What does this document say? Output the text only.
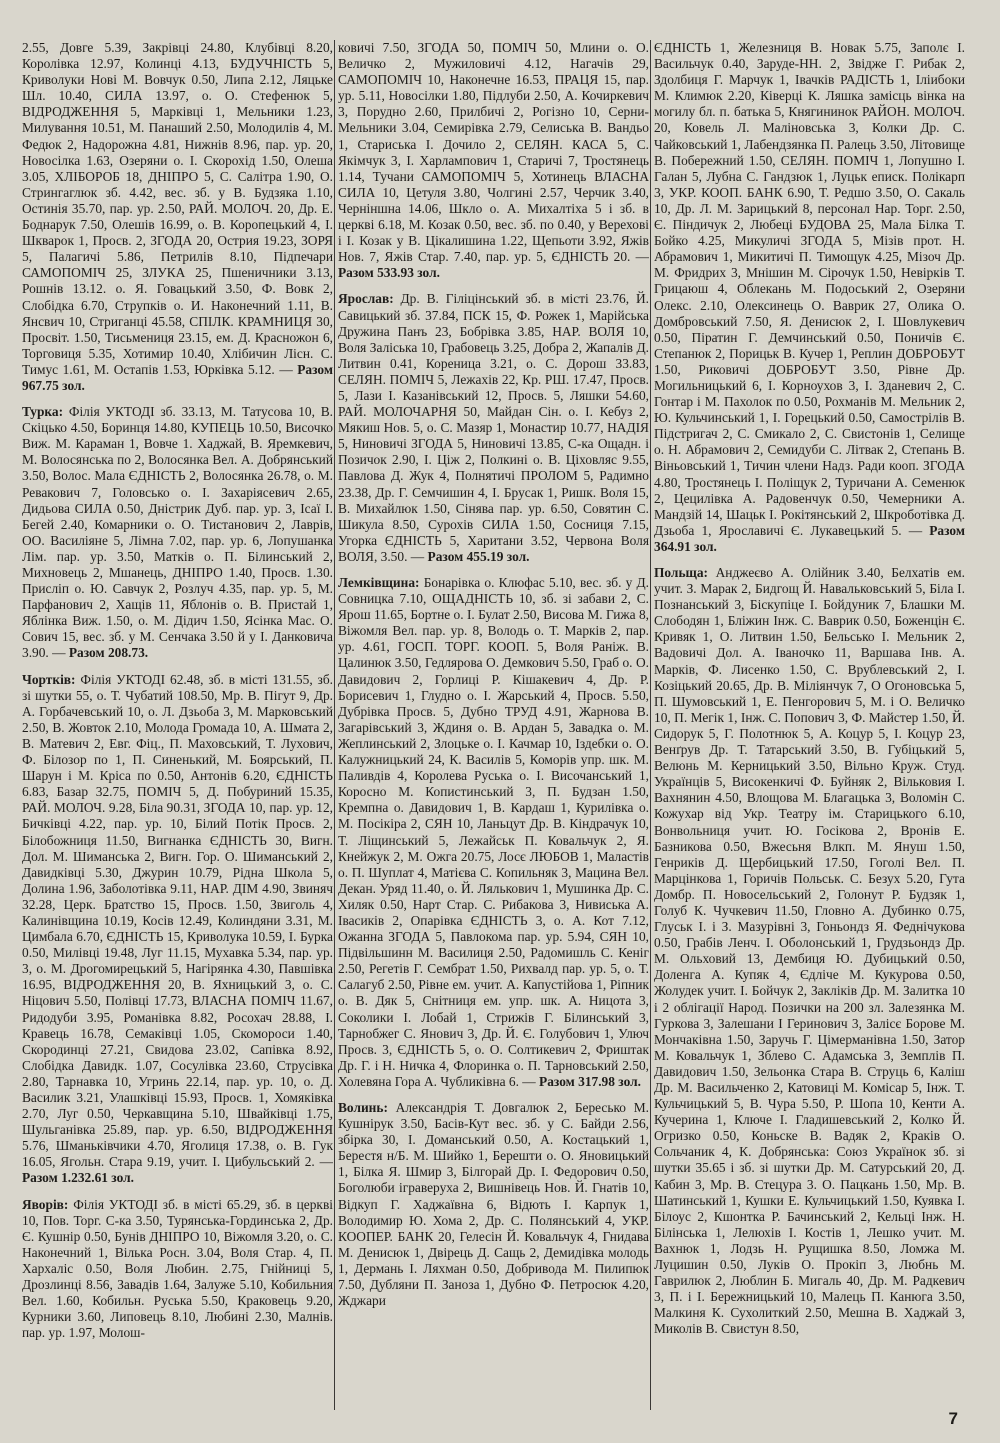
2.55, Довге 5.39, Закрівці 24.80, Клубівці 8.20, Королівка 12.97, Колинці 4.13, БУДУЧНІСТЬ 5, Криволуки Нові М. Вовчук 0.50, Липа 2.12, Ляцьке Шл. 10.40, СИЛА 13.97, о. О. Стефенюк 5, ВІДРОДЖЕННЯ 5, Марківці 1, Мельники 1.23, Милування 10.51, М. Панаший 2.50, Молодилів 4, М. Федюк 2, Надорожна 4.81, Нижнів 8.96, пар. ур. 20, Новосілка 1.63, Озеряни о. І. Скорохід 1.50, Олеша 3.05, ХЛІБОРОБ 18, ДНІПРО 5, С. Салітра 1.90, О. Стрингаглюк зб. 4.42, вес. зб. у В. Будзяка 1.10, Остинія 35.70, пар. ур. 2.50, РАЙ. МОЛОЧ. 20, Др. Е. Боднарук 7.50, Олешів 16.99, о. В. Коропецький 4, І. Шкварок 1, Просв. 2, ЗГОДА 20, Острия 19.23, ЗОРЯ 5, Палагичі 5.86, Петрилів 8.10, Підпечари САМОПОМІЧ 25, ЗЛУКА 25, Пшеничники 3.13, Рошнів 13.12. о. Я. Говацький 3.50, Ф. Вовк 2, Слобідка 6.70, Струпків о. И. Наконечний 1.11, В. Янсвич 10, Стриганці 45.58, СПІЛК. КРАМНИЦЯ 30, Просвіт. 1.50, Тисьмениця 23.15, ем. Д. Красножон 6, Торговиця 5.35, Хотимир 10.40, Хлібичин Лісн. С. Тимус 1.61, М. Остапів 1.53, Юрківка 5.12. — Разом 967.75 зол.

Турка: Філія УКТОДІ зб. 33.13, М. Татусова 10, В. Скіцько 4.50, Боринця 14.80, КУПЕЦЬ 10.50, Височко Виж. М. Караман 1, Вовче 1. Хаджай, В. Яремкевич, М. Волосянська по 2, Волосянка Вел. А. Добрянський 3.50, Волос. Мала ЄДНІСТЬ 2, Волосянка 26.78, о. М. Ревакович 7, Головсько о. І. Захаріясевич 2.65, Дидьова СИЛА 0.50, Дністрик Дуб. пар. ур. 3, Ісаї І. Бегей 2.40, Комарники о. О. Тистанович 2, Лаврів, ОО. Василіяне 5, Лімна 7.02, пар. ур. 6, Лопушанка Лім. пар. ур. 3.50, Матків о. П. Білинський 2, Михновець 2, Мшанець, ДНІПРО 1.40, Просв. 1.30. Присліп о. Ю. Савчук 2, Розлуч 4.35, пар. ур. 5, М. Парфанович 2, Хащів 11, Яблонів о. В. Пристай 1, Яблінка Виж. 1.50, о. М. Дідич 1.50, Ясінка Мас. О. Сович 15, вес. зб. у М. Сенчака 3.50 й у І. Данковича 3.90. — Разом 208.73.

Чортків: Філія УКТОДІ 62.48, зб. в місті 131.55, зб. зі шутки 55, о. Т. Чубатий 108.50, Мр. В. Пігут 9, Др. А. Горбачевський 10, о. Л. Дзьоба 3, М. Марковський 2.50, В. Жовток 2.10, Молода Громада 10, А. Шмата 2, В. Матевич 2, Евг. Фіц., П. Маховський, Т. Лухович, Ф. Білозор по 1, П. Синенький, М. Боярський, П. Шарун і М. Кріса по 0.50, Антонів 6.20, ЄДНІСТЬ 6.83, Базар 32.75, ПОМІЧ 5, Д. Побуриний 15.35, РАЙ. МОЛОЧ. 9.28, Біла 90.31, ЗГОДА 10, пар. ур. 12, Бичківці 4.22, пар. ур. 10, Білий Потік Просв. 2, Білобожниця 11.50, Вигнанка ЄДНІСТЬ 30, Вигн. Дол. М. Шиманська 2, Вигн. Гор. О. Шиманський 2, Давидківці 5.30, Джурин 10.79, Рідна Школа 5, Долина 1.96, Заболотівка 9.11, НАР. ДІМ 4.90, Звиняч 32.28, Церк. Братство 15, Просв. 1.50, Звиголь 4, Калинівщина 10.19, Косів 12.49, Колиндяни 3.31, М. Цимбала 6.70, ЄДНІСТЬ 15, Криволука 10.59, І. Бурка 0.50, Милівці 19.48, Луг 11.15, Мухавка 5.34, пар. ур. 3, о. М. Дрогомирецький 5, Нагірянка 4.30, Павшівка 16.95, ВІДРОДЖЕННЯ 20, В. Яхницький 3, о. С. Ніцович 5.50, Полівці 17.73, ВЛАСНА ПОМІЧ 11.67, Ридодуби 3.95, Романівка 8.82, Росохач 28.88, І. Кравець 16.78, Семаківці 1.05, Скомороси 1.40, Скородинці 27.21, Свидова 23.02, Сапівка 8.92, Слобідка Давидк. 1.07, Сосулівка 23.60, Струсівка 2.80, Тарнавка 10, Угринь 22.14, пар. ур. 10, о. Д. Василик 3.21, Улашківці 15.93, Просв. 1, Хомяківка 2.70, Луг 0.50, Черкавщина 5.10, Швайківці 1.75, Шульганівка 25.89, пар. ур. 6.50, ВІДРОДЖЕННЯ 5.76, Шманьківчики 4.70, Яголиця 17.38, о. В. Гук 16.05, Ягольн. Стара 9.19, учит. І. Цибульський 2. — Разом 1.232.61 зол.

Яворів: Філія УКТОДІ зб. в місті 65.29, зб. в церкві 10, Пов. Торг. С-ка 3.50, Турянська-Гординська 2, Др. Є. Кушнір 0.50, Бунів ДНІПРО 10, Віжомля 3.20, о. С. Наконечний 1, Вілька Росн. 3.04, Воля Стар. 4, П. Хархаліс 0.50, Воля Любин. 2.75, Гнійниці 5, Дрозлинці 8.56, Завадів 1.64, Залуже 5.10, Кобильния Вел. 1.60, Кобильн. Руська 5.50, Краковець 9.20, Курники 3.60, Липовець 8.10, Любині 2.30, Малнів. пар. ур. 1.97, Молош-

ковичі 7.50, ЗГОДА 50, ПОМІЧ 50, Млини о. О. Величко 2, Мужиловичі 4.12, Нагачів 29, САМОПОМІЧ 10, Наконечне 16.53, ПРАЦЯ 15, пар. ур. 5.11, Новосілки 1.80, Підлуби 2.50, А. Кочиркевич 3, Порудно 2.60, Прилбичі 2, Рогізно 10, Серни-Мельники 3.04, Семирівка 2.79, Селиська В. Вандьо 1, Стариська І. Дочило 2, СЕЛЯН. КАСА 5, С. Якімчук 3, І. Харлампович 1, Старичі 7, Тростянець 1.14, Тучани САМОПОМІЧ 5, Хотинець ВЛАСНА СИЛА 10, Цетуля 3.80, Чолгині 2.57, Черчик 3.40, Черніншна 14.06, Шкло о. А. Михалтіха 5 і зб. в церкві 6.18, М. Козак 0.50, вес. зб. по 0.40, у Верехові і І. Козак у В. Цікалишина 1.22, Щепьоти 3.92, Яжів Нов. 7, Яжів Стар. 7.40, пар. ур. 5, ЄДНІСТЬ 20. — Разом 533.93 зол.

Ярослав: Др. В. Гіліцінський зб. в місті 23.76, Й. Савицький зб. 37.84, ПСК 15, Ф. Рожек 1, Марійська Дружина Панъ 23, Бобрівка 3.85, НАР. ВОЛЯ 10, Воля Заліська 10, Грабовець 3.25, Добра 2, Жапалів Д. Литвин 0.41, Кореница 3.21, о. С. Дорош 33.83, СЕЛЯН. ПОМІЧ 5, Лежахів 22, Кр. РШ. 17.47, Просв. 5, Лази І. Казанівський 12, Просв. 5, Ляшки 54.60, РАЙ. МОЛОЧАРНЯ 50, Майдан Сін. о. І. Кебуз 2, Мякиш Нов. 5, о. С. Мазяр 1, Монастир 10.77, НАДІЯ 5, Ниновичі ЗГОДА 5, Ниновичі 13.85, С-ка Ощадн. і Позичок 2.90, І. Ціж 2, Полкині о. В. Ціховляс 9.55, Павлова Д. Жук 4, Полнятичі ПРОЛОМ 5, Радимно 23.38, Др. Г. Семчишин 4, І. Брусак 1, Ришк. Воля 15, В. Михайлюк 1.50, Сінява пар. ур. 6.50, Совятин С. Шикула 8.50, Сурохів СИЛА 1.50, Сосниця 7.15, Угорка ЄДНІСТЬ 5, Харитани 3.52, Червона Воля ВОЛЯ, 3.50. — Разом 455.19 зол.

Лемківщина: Бонарівка о. Клюфас 5.10, вес. зб. у Д. Совницка 7.10, ОЩАДНІСТЬ 10, зб. зі забави 2, С. Ярош 11.65, Бортне о. І. Булат 2.50, Висова М. Гижа 8, Віжомля Вел. пар. ур. 8, Володь о. Т. Марків 2, пар. ур. 4.61, ГОСП. ТОРГ. КООП. 5, Воля Раніж. В. Цалинюк 3.50, Гедлярова О. Демкович 5.50, Граб о. О. Давидович 2, Горлиці Р. Кішакевич 4, Др. Р. Борисевич 1, Глудно о. І. Жарський 4, Просв. 5.50, Дубрівка Просв. 5, Дубно ТРУД 4.91, Жарнова В. Загарівський 3, Ждиня о. В. Ардан 5, Завадка о. М. Жеплинський 2, Злоцьке о. І. Качмар 10, Іздебки о. О. Калужницький 24, К. Василів 5, Коморів упр. шк. М. Паливдів 4, Королева Руська о. І. Височанський 1, Коросно М. Копистинський 3, П. Будзан 1.50, Кремпна о. Давидович 1, В. Кардаш 1, Курилівка о. М. Посікіра 2, СЯН 10, Ланьцут Др. В. Кіндрачук 10, Т. Ліщинський 5, Лежайськ П. Ковальчук 2, Я. Кнейжук 2, М. Ожга 20.75, Лосє ЛЮБОВ 1, Маластів о. П. Шуплат 4, Матієва С. Копильняк 3, Мацина Вел. Декан. Уряд 11.40, о. Й. Лялькович 1, Мушинка Др. С. Хиляк 0.50, Нарт Стар. С. Рибакова 3, Нивиська А. Івасиків 2, Опарівка ЄДНІСТЬ 3, о. А. Кот 7.12, Ожанна ЗГОДА 5, Павлокома пар. ур. 5.94, СЯН 10, Підвільшинн М. Василиця 2.50, Радомишль С. Кеніг 2.50, Регетів Г. Сембрат 1.50, Рихвалд пар. ур. 5, о. Т. Салагуб 2.50, Рівне ем. учит. А. Капустійова 1, Ріпник о. В. Дяк 5, Снітниця ем. упр. шк. А. Ницота 3, Соколики І. Лобай 1, Стрижів Г. Білинський 3, Тарнобжег С. Янович 3, Др. Й. Є. Голубович 1, Улюч Просв. 3, ЄДНІСТЬ 5, о. О. Солтикевич 2, Фриштак Др. Г. і Н. Ничка 4, Флоринка о. П. Тарновський 2.50, Холевяна Гора А. Чубликівна 6. — Разом 317.98 зол.

Волинь: Александрія Т. Довгалюк 2, Бересько М. Кушнірук 3.50, Басів-Кут вес. зб. у С. Байди 2.56, збірка 30, І. Доманський 0.50, А. Костацький 1, Берестя н/Б. М. Шийко 1, Берешти о. О. Яновицький 1, Білка Я. Шмир 3, Білгорай Др. І. Федорович 0.50, Боголюби іграверуха 2, Вишнівець Нов. Й. Гнатів 10, Відкуп Г. Хаджаївна 6, Відють І. Карпук 1, Володимир Ю. Хома 2, Др. С. Полянський 4, УКР. КООПЕР. БАНК 20, Гелесін Й. Ковальчук 4, Гнидава М. Денисюк 1, Двірець Д. Сащь 2, Демидівка молодь 1, Дермань І. Ляхман 0.50, Добривода М. Пилипюк 7.50, Дубляни П. Заноза 1, Дубно Ф. Петросюк 4.20, Жджари

ЄДНІСТЬ 1, Железниця В. Новак 5.75, Заполє І. Васильчук 0.40, Заруде-НН. 2, Звідже Г. Рибак 2, Здолбиця Г. Марчук 1, Івачків РАДІСТЬ 1, Іліибоки М. Климюк 2.20, Ківерці К. Ляшка замісць вінка на могилу бл. п. батька 5, Княгининок РАЙОН. МОЛОЧ. 20, Ковель Л. Маліновська 3, Колки Др. С. Чайковський 1, Лабендзянка П. Ралець 3.50, Літовище В. Побережний 1.50, СЕЛЯН. ПОМІЧ 1, Лопушно І. Галан 5, Лубна С. Гандзюк 1, Луцьк еписк. Полікарп 3, УКР. КООП. БАНК 6.90, Т. Редшо 3.50, О. Сакаль 10, Др. Л. М. Зарицький 8, персонал Нар. Торг. 2.50, Є. Піндичук 2, Любеці БУДОВА 25, Мала Білка Т. Бойко 4.25, Микуличі ЗГОДА 5, Мізів прот. Н. Абрамович 1, Микитичі П. Тимощук 4.25, Мізоч Др. М. Фридрих 3, Мнішин М. Сірочук 1.50, Невірків Т. Грицаюш 4, Облекань М. Подоський 2, Озеряни Олекс. 2.10, Олексинець О. Ваврик 27, Олика О. Домбровський 7.50, Я. Денисюк 2, І. Шовлукевич 0.50, Піратин Г. Демчинський 0.50, Поничів Є. Степанюк 2, Порицьк В. Кучер 1, Реплин ДОБРОБУТ 1.50, Риковичі ДОБРОБУТ 3.50, Рівне Др. Могильницький 6, І. Корноухов 3, І. Зданевич 2, С. Гонтар і М. Пахолок по 0.50, Рохманів М. Мельник 2, Ю. Кульчинський 1, І. Горецький 0.50, Самострілів В. Підстригач 2, С. Смикало 2, С. Свистонів 1, Селище о. Н. Абрамович 2, Семидуби С. Літвак 2, Степань В. Віньовський 1, Тичин члени Надз. Ради кооп. ЗГОДА 4.80, Тростянець І. Поліщук 2, Туричани А. Семенюк 2, Цецилівка А. Радовенчук 0.50, Чемерники А. Мандзій 14, Шацьк І. Рокітянський 2, Шкроботівка Д. Дзьоба 1, Ярославичі Є. Лукавецький 5. — Разом 364.91 зол.

Польща: Анджеєво А. Олійник 3.40, Белхатів ем. учит. З. Марак 2, Бидгощ Й. Навальковський 5, Біла І. Познанський 3, Біскупіце І. Бойдуник 7, Блашки М. Слободян 1, Бліжин Інж. С. Ваврик 0.50, Боженцін Є. Кривяк 1, О. Литвин 1.50, Бельсько І. Мельник 2, Вадовичі Дол. А. Іваночко 11, Варшава Інв. А. Марків, Ф. Лисенко 1.50, С. Врублевський 2, І. Козіцький 20.65, Др. В. Міліянчук 7, О Огоновська 5, П. Шумовський 1, Е. Пенгорович 5, М. і О. Величко 10, П. Мегік 1, Інж. С. Попович 3, Ф. Майстер 1.50, Й. Сидорук 5, Г. Полотнюк 5, А. Коцур 5, І. Коцур 23, Венґрув Др. Т. Татарський 3.50, В. Губіцький 5, Велюнь М. Керницький 3.50, Вільно Круж. Студ. Українців 5, Високенкичі Ф. Буйняк 2, Вільковия І. Вахнянин 4.50, Влощова М. Благацька 3, Воломін С. Кожухар від Укр. Театру ім. Старицького 6.10, Вонвольниця учит. Ю. Госікова 2, Вронів Е. Базникова 0.50, Вжесьня Влкп. М. Януш 1.50, Генриків Д. Щербицький 17.50, Гоголі Вел. П. Марцінкова 1, Горичів Польськ. С. Безух 5.20, Гута Домбр. П. Новосельський 2, Голонут Р. Будзяк 1, Голуб К. Чучкевич 11.50, Гловно А. Дубинко 0.75, Глуськ І. і З. Мазурівні 3, Гоньондз Я. Феднічукова 0.50, Грабів Ленч. І. Оболонський 1, Грудзьондз Др. М. Ольховий 13, Дембиця Ю. Дубицький 0.50, Доленга А. Купяк 4, Єдліче М. Кукурова 0.50, Жолудек учит. І. Бойчук 2, Закліків Др. М. Залитка 10 і 2 облігації Народ. Позички на 200 зл. Залезянка М. Гуркова 3, Залешани І Геринович 3, Залісє Борове М. Мончаківна 1.50, Заручь Г. Цімерманівна 1.50, Затор М. Ковальчук 1, Зблево С. Адамська 3, Земплів П. Давидович 1.50, Зельонка Стара В. Струць 6, Каліш Др. М. Васильченко 2, Катовиці М. Комісар 5, Інж. Т. Кульчицький 5, В. Чура 5.50, Р. Шопа 10, Кенти А. Кучерина 1, Ключе І. Гладишевський 2, Колко Й. Огризко 0.50, Коньске В. Вадяк 2, Краків О. Сольчаник 4, К. Добрянська: Союз Українок зб. зі шутки 35.65 і зб. зі шутки Др. М. Сатурський 20, Д. Кабин 3, Мр. В. Стецура 3. О. Пацкань 1.50, Мр. В. Шатинський 1, Кушки Е. Кульчицький 1.50, Куявка І. Білоус 2, Кшонтка Р. Бачинський 2, Кельці Інж. Н. Білінська 1, Лелюхів І. Костів 1, Лешко учит. М. Вахнюк 1, Лодзь Н. Рущишка 8.50, Ломжа М. Луцишин 0.50, Луків О. Прокіп 3, Любнь М. Гаврилюк 2, Люблин Б. Мигаль 40, Др. М. Радкевич 3, П. і І. Бережницький 10, Малець П. Канюга 3.50, Малкиня К. Сухолиткий 2.50, Мешна В. Хаджай 3, Миколів В. Свистун 8.50,

7
